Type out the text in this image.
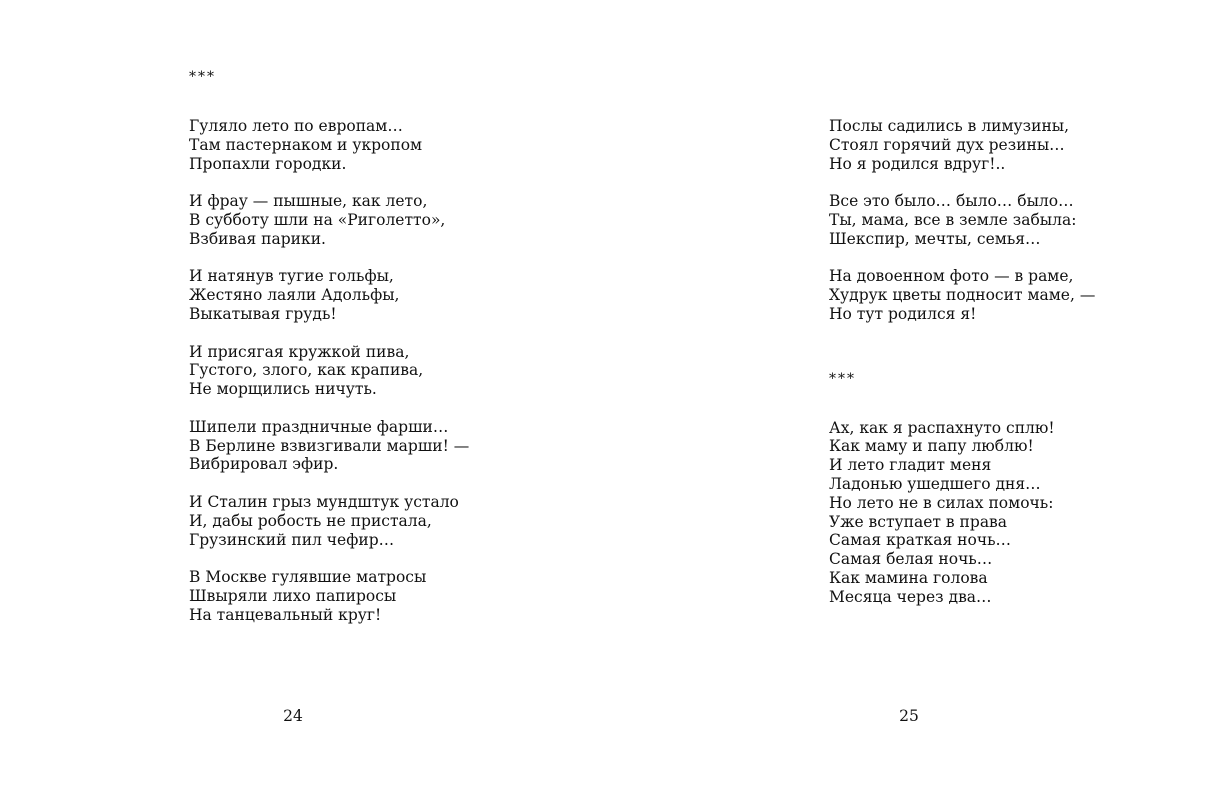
***
Гуляло лето по европам…
Там пастернаком и укропом
Пропахли городки.
И фрау — пышные, как лето,
В субботу шли на «Риголетто»,
Взбивая парики.
И натянув тугие гольфы,
Жестяно лаяли Адольфы,
Выкатывая грудь!
И присягая кружкой пива,
Густого, злого, как крапива,
Не морщились ничуть.
Шипели праздничные фарши…
В Берлине взвизгивали марши! —
Вибрировал эфир.
И Сталин грыз мундштук устало
И, дабы робость не пристала,
Грузинский пил чефир…
В Москве гулявшие матросы
Швыряли лихо папиросы
На танцевальный круг!
24
Послы садились в лимузины,
Стоял горячий дух резины…
Но я родился вдруг!..
Все это было… было… было…
Ты, мама, все в земле забыла:
Шекспир, мечты, семья…
На довоенном фото — в раме,
Худрук цветы подносит маме, —
Но тут родился я!
***
Ах, как я распахнуто сплю!
Как маму и папу люблю!
И лето гладит меня
Ладонью ушедшего дня…
Но лето не в силах помочь:
Уже вступает в права
Самая краткая ночь…
Самая белая ночь…
Как мамина голова
Месяца через два…
25
